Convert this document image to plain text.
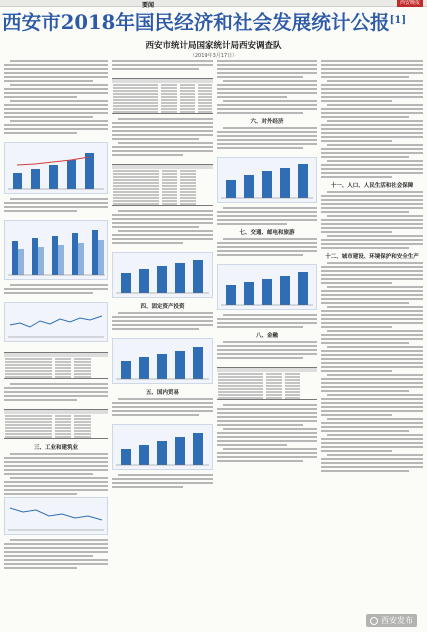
要闻	西安晚报
西安市2018年国民经济和社会发展统计公报[1]
西安市统计局国家统计局西安调查队
（2019年3月17日）

三、工业和建筑业

四、固定资产投资

五、国内贸易

六、对外经济

七、交通、邮电和旅游

八、金融

十一、人口、人民生活和社会保障
十二、城市建设、环境保护和安全生产
西安发布
